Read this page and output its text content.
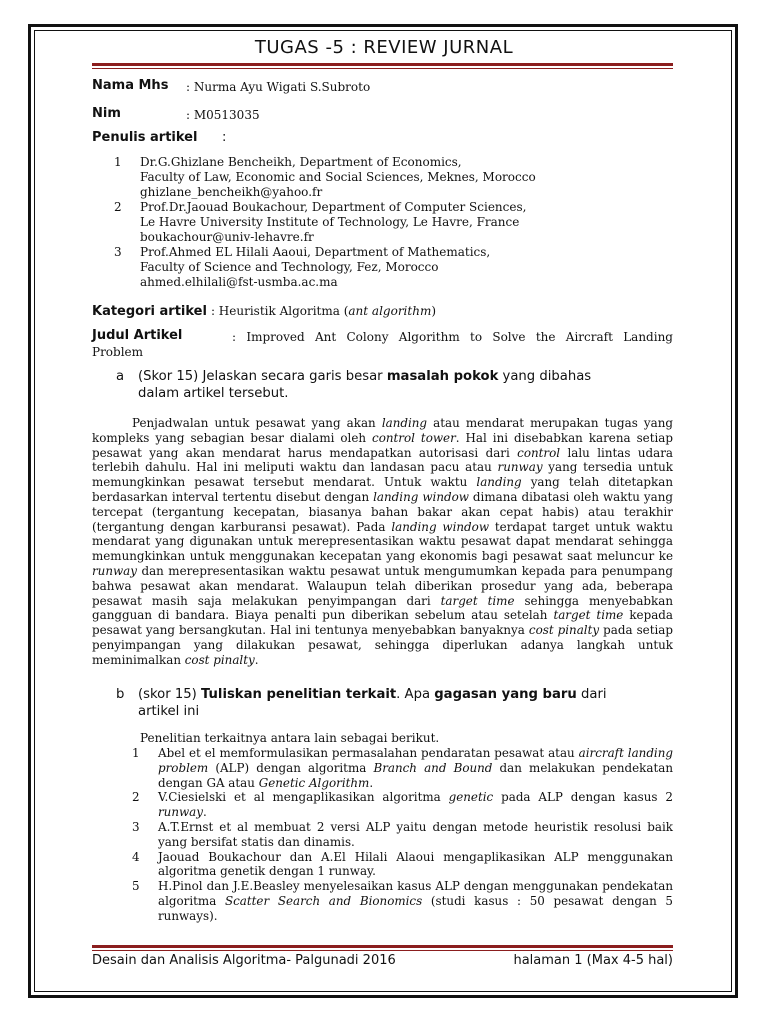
TUGAS -5 : REVIEW JURNAL
Nama Mhs : Nurma Ayu Wigati S.Subroto
Nim	: M0513035
Penulis artikel :
1 Dr.G.Ghizlane Bencheikh, Department of Economics,
Faculty of Law, Economic and Social Sciences, Meknes, Morocco
ghizlane_bencheikh@yahoo.fr
2 Prof.Dr.Jaouad Boukachour, Department of Computer Sciences,
Le Havre University Institute of Technology, Le Havre, France
boukachour@univ-lehavre.fr
3 Prof.Ahmed EL Hilali Aaoui, Department of Mathematics,
Faculty of Science and Technology, Fez, Morocco
ahmed.elhilali@fst-usmba.ac.ma
Kategori artikel : Heuristik Algoritma (ant algorithm)
Judul Artikel	: Improved Ant Colony Algorithm to Solve the Aircraft Landing
Problem
a (Skor 15) Jelaskan secara garis besar masalah pokok yang dibahas
dalam artikel tersebut.
Penjadwalan untuk pesawat yang akan landing atau mendarat merupakan tugas yang kompleks yang sebagian besar dialami oleh control tower. Hal ini disebabkan karena setiap pesawat yang akan mendarat harus mendapatkan autorisasi dari control lalu lintas udara terlebih dahulu. Hal ini meliputi waktu dan landasan pacu atau runway yang tersedia untuk memungkinkan pesawat tersebut mendarat. Untuk waktu landing yang telah ditetapkan berdasarkan interval tertentu disebut dengan landing window dimana dibatasi oleh waktu yang tercepat (tergantung kecepatan, biasanya bahan bakar akan cepat habis) atau terakhir (tergantung dengan karburansi pesawat). Pada landing window terdapat target untuk waktu mendarat yang digunakan untuk merepresentasikan waktu pesawat dapat mendarat sehingga memungkinkan untuk menggunakan kecepatan yang ekonomis bagi pesawat saat meluncur ke runway dan merepresentasikan waktu pesawat untuk mengumumkan kepada para penumpang bahwa pesawat akan mendarat. Walaupun telah diberikan prosedur yang ada, beberapa pesawat masih saja melakukan penyimpangan dari target time sehingga menyebabkan gangguan di bandara. Biaya penalti pun diberikan sebelum atau setelah target time kepada pesawat yang bersangkutan. Hal ini tentunya menyebabkan banyaknya cost pinalty pada setiap penyimpangan yang dilakukan pesawat, sehingga diperlukan adanya langkah untuk meminimalkan cost pinalty.
b (skor 15) Tuliskan penelitian terkait. Apa gagasan yang baru dari
artikel ini
Penelitian terkaitnya antara lain sebagai berikut.
1 Abel et el memformulasikan permasalahan pendaratan pesawat atau aircraft landing problem (ALP) dengan algoritma Branch and Bound dan melakukan pendekatan dengan GA atau Genetic Algorithm.
2 V.Ciesielski et al mengaplikasikan algoritma genetic pada ALP dengan kasus 2 runway.
3 A.T.Ernst et al membuat 2 versi ALP yaitu dengan metode heuristik resolusi baik yang bersifat statis dan dinamis.
4 Jaouad Boukachour dan A.El Hilali Alaoui mengaplikasikan ALP menggunakan algoritma genetik dengan 1 runway.
5 H.Pinol dan J.E.Beasley menyelesaikan kasus ALP dengan menggunakan pendekatan algoritma Scatter Search and Bionomics (studi kasus : 50 pesawat dengan 5 runways).
Desain dan Analisis Algoritma- Palgunadi 2016	halaman 1 (Max 4-5 hal)
